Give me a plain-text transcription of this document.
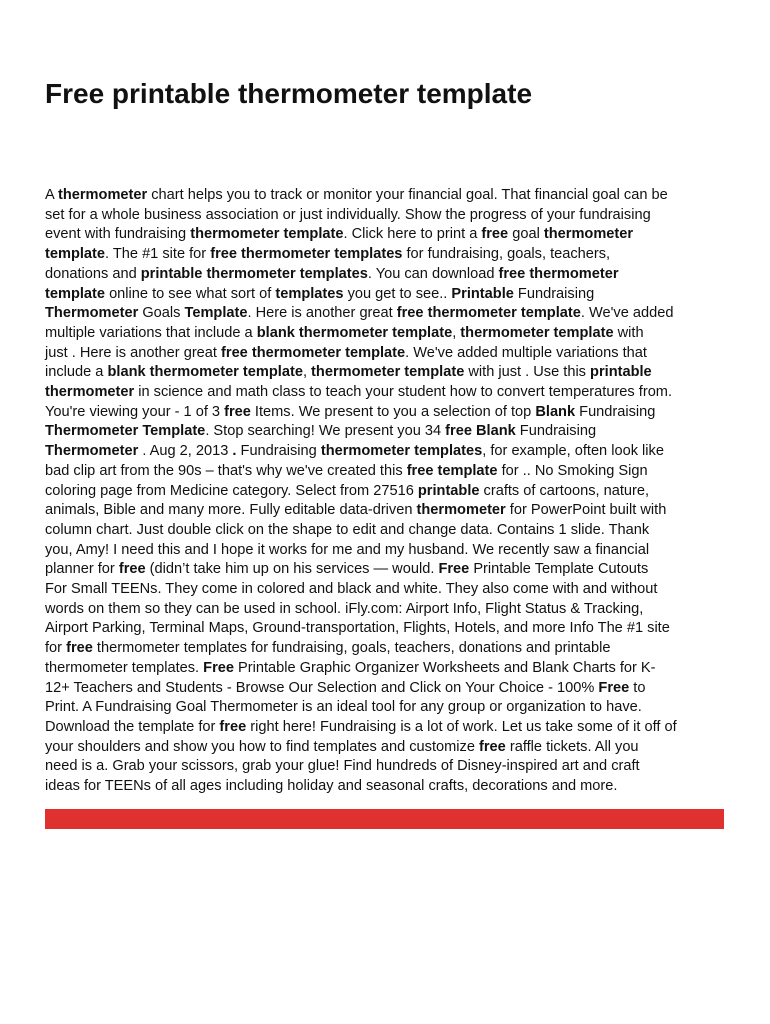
Free printable thermometer template
A thermometer chart helps you to track or monitor your financial goal. That financial goal can be
set for a whole business association or just individually. Show the progress of your fundraising
event with fundraising thermometer template. Click here to print a free goal thermometer
template. The #1 site for free thermometer templates for fundraising, goals, teachers,
donations and printable thermometer templates. You can download free thermometer
template online to see what sort of templates you get to see.. Printable Fundraising
Thermometer Goals Template. Here is another great free thermometer template. We've added
multiple variations that include a blank thermometer template, thermometer template with
just . Here is another great free thermometer template. We've added multiple variations that
include a blank thermometer template, thermometer template with just . Use this printable
thermometer in science and math class to teach your student how to convert temperatures from.
You're viewing your - 1 of 3 free Items. We present to you a selection of top Blank Fundraising
Thermometer Template. Stop searching! We present you 34 free Blank Fundraising
Thermometer . Aug 2, 2013 . Fundraising thermometer templates, for example, often look like
bad clip art from the 90s – that's why we've created this free template for .. No Smoking Sign
coloring page from Medicine category. Select from 27516 printable crafts of cartoons, nature,
animals, Bible and many more. Fully editable data-driven thermometer for PowerPoint built with
column chart. Just double click on the shape to edit and change data. Contains 1 slide. Thank
you, Amy! I need this and I hope it works for me and my husband. We recently saw a financial
planner for free (didn’t take him up on his services — would. Free Printable Template Cutouts
For Small TEENs. They come in colored and black and white. They also come with and without
words on them so they can be used in school. iFly.com: Airport Info, Flight Status & Tracking,
Airport Parking, Terminal Maps, Ground-transportation, Flights, Hotels, and more Info The #1 site
for free thermometer templates for fundraising, goals, teachers, donations and printable
thermometer templates. Free Printable Graphic Organizer Worksheets and Blank Charts for K-
12+ Teachers and Students - Browse Our Selection and Click on Your Choice - 100% Free to
Print. A Fundraising Goal Thermometer is an ideal tool for any group or organization to have.
Download the template for free right here! Fundraising is a lot of work. Let us take some of it off of
your shoulders and show you how to find templates and customize free raffle tickets. All you
need is a. Grab your scissors, grab your glue! Find hundreds of Disney-inspired art and craft
ideas for TEENs of all ages including holiday and seasonal crafts, decorations and more.
